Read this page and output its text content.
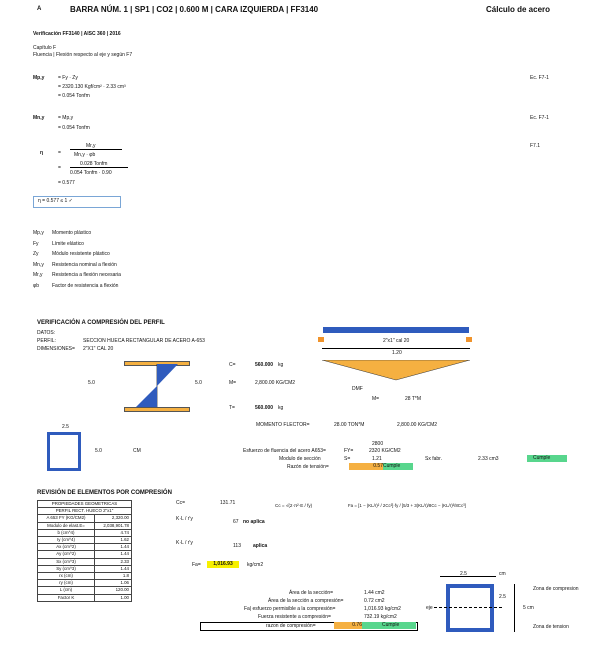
A	BARRA NÚM. 1 | SP1 | CO2 | 0.600 M | CARA IZQUIERDA | FF3140	Cálculo de acero
Verificación FF3140 | AISC 360 | 2016
Capítulo F
Fluencia | Flexión respecto al eje y según F7
Mp,y	= Fy · Zy
= 2320.130 Kgf/cm² · 2.33 cm³
= 0.054 Tonfm
Ec. F7-1
Mn,y	= Mp,y
= 0.054 Tonfm
Ec. F7-1
η	=
Mr,y
Mn,y · φb
=
0.028 Tonfm
0.054 Tonfm · 0.90
= 0.577
F7.1
η = 0.577 ≤ 1 ✓
Mp,y Momento plástico
Fy	Límite elástico
Zy	Módulo resistente plástico
Mn,y Resistencia nominal a flexión
Mr,y Resistencia a flexión necesaria
φb	Factor de resistencia a flexión
VERIFICACIÓN A COMPRESIÓN DEL PERFIL
DATOS:
PERFIL:	SECCION HUECA RECTANGULAR DE ACERO A-653
DIMENSIONES= 2"X1" CAL 20
2"x1" cal 20
1.20
DMF
M=	28 T*M
5.0	5.0
C=	560.000 kg
M=	2,800.00 KG/CM2
T=	560.000 kg
MOMENTO FLECTOR=	28.00 TON*M	2,800.00 KG/CM2
2.5
5.0	CM
2800
Esfuerzo de fluencia del acero A653=	FY=	2320 KG/CM2
Modulo de sección	S=	1.21	Sx fabr.	2.33 cm3	Cumple
Razón de tensión=	0.57 Cumple
REVISIÓN DE ELEMENTOS POR COMPRESIÓN
PROPIEDADES GEOMETRICAS	
PERFIL RECT. HUECO 2"x1"	
A 653 FY (KG/CM2)	2,320.00
Modulo de elast.E=	2,038,901.78
b (cm^4)	4.74
Iy (cm^4)	1.62
Ax (cm^2)	1.44
Ay (cm^2)	1.44
Sx (cm^3)	2.33
Sy (cm^3)	1.44
rx (cm)	1.8
ry (cm)	1.06
L (cm)	120.00
Factor K	1.00
Cc=	131.71
K·L / r'y	67 no aplica
K·L / r'y	113 aplica
Fa=	1,016.93	kg/cm2
Cc = √(2·π²·E / fy)	Fa = [1 − (KL/r)² / 2Cc²]·fy / [5/3 + 3(KL/r)/8Cc − (KL/r)³/8Cc³]
Área de la sección=	1.44 cm2
Área de la sección a compresión=	0.72 cm2
Fa| esfuerzo permisible a la compresión=	1,016.93 kg/cm2
Fuerza resistente a compresión=	732.19 kg/cm2
razon de compresión=	0.76	Cumple
2.5	cm
2.5
eje
Zona de compresion
5 cm
Zona de tension
